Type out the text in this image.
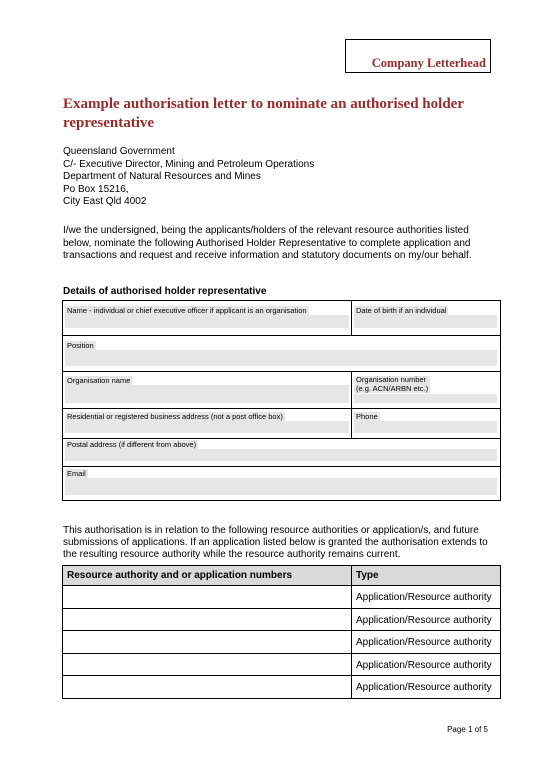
Company Letterhead
Example authorisation letter to nominate an authorised holder representative
Queensland Government
C/- Executive Director, Mining and Petroleum Operations
Department of Natural Resources and Mines
Po Box 15216,
City East Qld 4002

I/we the undersigned, being the applicants/holders of the relevant resource authorities listed below, nominate the following Authorised Holder Representative to complete application and transactions and request and receive information and statutory documents on my/our behalf.

Details of authorised holder representative
Name - individual or chief executive officer if applicant is an organisation	Date of birth if an individual
Position
Organisation name	Organisation number
(e.g. ACN/ARBN etc.)
Residential or registered business address (not a post office box)	Phone
Postal address (if different from above)
Email

This authorisation is in relation to the following resource authorities or application/s, and future submissions of applications. If an application listed below is granted the authorisation extends to the resulting resource authority while the resource authority remains current.

Resource authority and or application numbers	Type
	Application/Resource authority
	Application/Resource authority
	Application/Resource authority
	Application/Resource authority
	Application/Resource authority
Page 1 of 5
